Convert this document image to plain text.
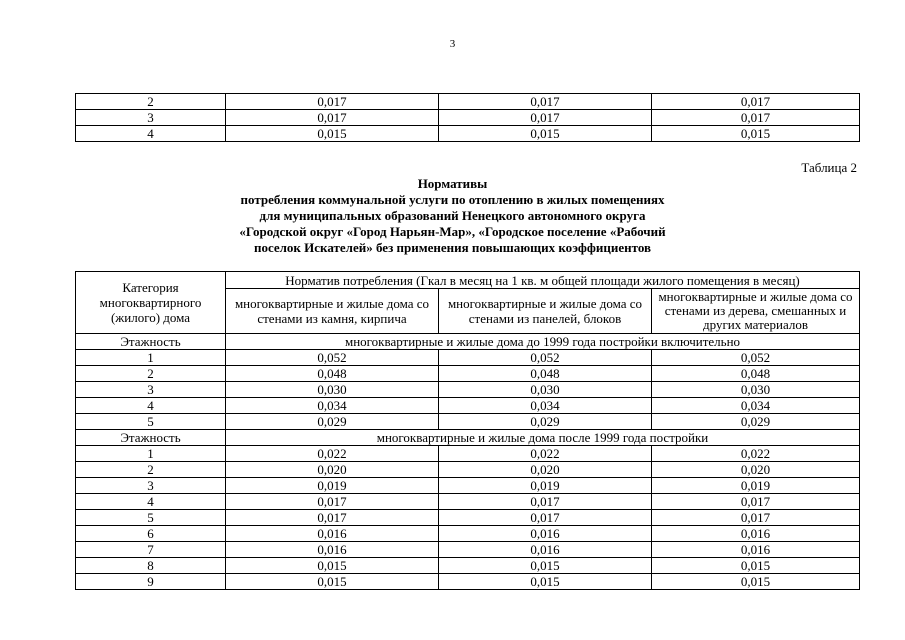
3
2	0,017	0,017	0,017
3	0,017	0,017	0,017
4	0,015	0,015	0,015
Таблица 2
Нормативы
потребления коммунальной услуги по отоплению в жилых помещениях
для муниципальных образований Ненецкого автономного округа
«Городской округ «Город Нарьян-Мар», «Городское поселение «Рабочий
поселок Искателей» без применения повышающих коэффициентов
Категория многоквартирного (жилого) дома	Норматив потребления (Гкал в месяц на 1 кв. м общей площади жилого помещения в месяц)		
	многоквартирные и жилые дома со стенами из камня, кирпича	многоквартирные и жилые дома со стенами из панелей, блоков	многоквартирные и жилые дома со стенами из дерева, смешанных и других материалов
Этажность	многоквартирные и жилые дома до 1999 года постройки включительно		
1	0,052	0,052	0,052
2	0,048	0,048	0,048
3	0,030	0,030	0,030
4	0,034	0,034	0,034
5	0,029	0,029	0,029
Этажность	многоквартирные и жилые дома после 1999 года постройки		
1	0,022	0,022	0,022
2	0,020	0,020	0,020
3	0,019	0,019	0,019
4	0,017	0,017	0,017
5	0,017	0,017	0,017
6	0,016	0,016	0,016
7	0,016	0,016	0,016
8	0,015	0,015	0,015
9	0,015	0,015	0,015
